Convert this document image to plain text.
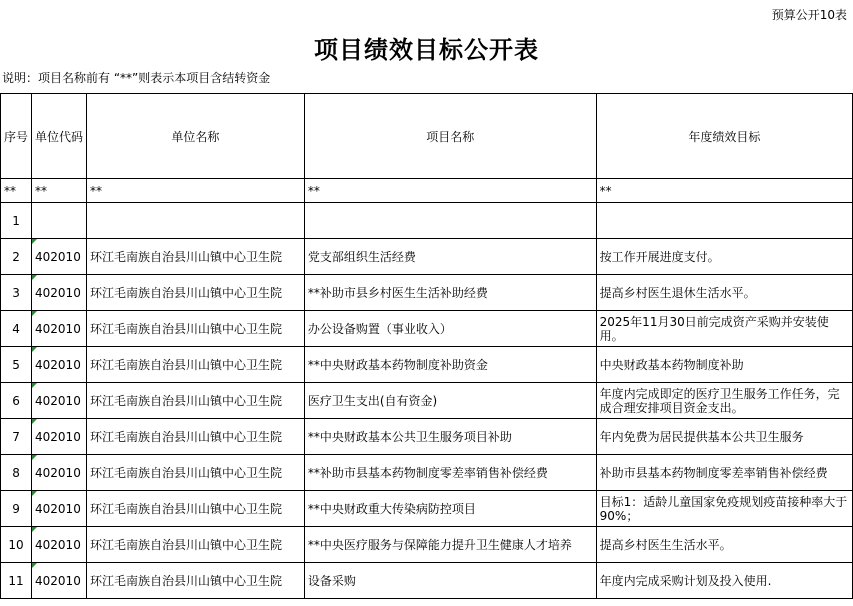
预算公开10表
项目绩效目标公开表
说明：项目名称前有 “**”则表示本项目含结转资金
序号	单位代码	单位名称	项目名称	年度绩效目标
**	**	**	**	**
1				
2	402010	环江毛南族自治县川山镇中心卫生院	党支部组织生活经费	按工作开展进度支付。
3	402010	环江毛南族自治县川山镇中心卫生院	**补助市县乡村医生生活补助经费	提高乡村医生退休生活水平。
4	402010	环江毛南族自治县川山镇中心卫生院	办公设备购置（事业收入）	2025年11月30日前完成资产采购并安装使用。
5	402010	环江毛南族自治县川山镇中心卫生院	**中央财政基本药物制度补助资金	中央财政基本药物制度补助
6	402010	环江毛南族自治县川山镇中心卫生院	医疗卫生支出(自有资金)	年度内完成即定的医疗卫生服务工作任务，完成合理安排项目资金支出。
7	402010	环江毛南族自治县川山镇中心卫生院	**中央财政基本公共卫生服务项目补助	年内免费为居民提供基本公共卫生服务
8	402010	环江毛南族自治县川山镇中心卫生院	**补助市县基本药物制度零差率销售补偿经费	补助市县基本药物制度零差率销售补偿经费
9	402010	环江毛南族自治县川山镇中心卫生院	**中央财政重大传染病防控项目	目标1：适龄儿童国家免疫规划疫苗接种率大于90%；
10	402010	环江毛南族自治县川山镇中心卫生院	**中央医疗服务与保障能力提升卫生健康人才培养	提高乡村医生生活水平。
11	402010	环江毛南族自治县川山镇中心卫生院	设备采购	年度内完成采购计划及投入使用.
